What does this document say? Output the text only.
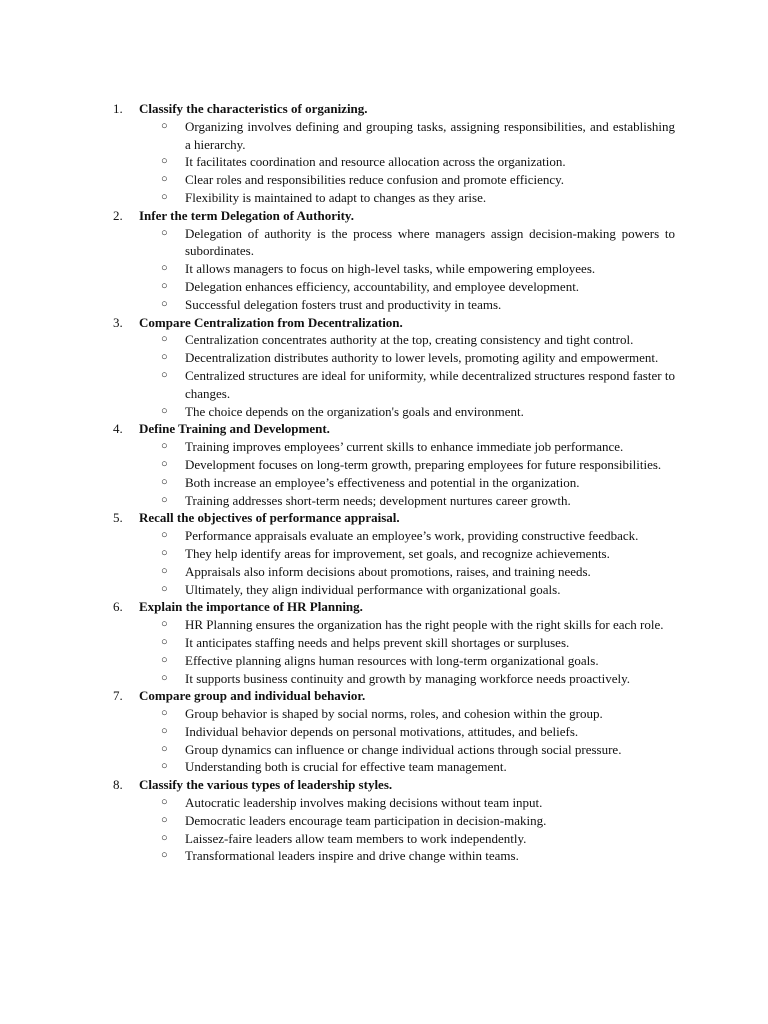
1.	Classify the characteristics of organizing.
○ Organizing involves defining and grouping tasks, assigning responsibilities, and establishing a hierarchy.
○ It facilitates coordination and resource allocation across the organization.
○ Clear roles and responsibilities reduce confusion and promote efficiency.
○ Flexibility is maintained to adapt to changes as they arise.
2.	Infer the term Delegation of Authority.
○ Delegation of authority is the process where managers assign decision-making powers to subordinates.
○ It allows managers to focus on high-level tasks, while empowering employees.
○ Delegation enhances efficiency, accountability, and employee development.
○ Successful delegation fosters trust and productivity in teams.
3.	Compare Centralization from Decentralization.
○ Centralization concentrates authority at the top, creating consistency and tight control.
○ Decentralization distributes authority to lower levels, promoting agility and empowerment.
○ Centralized structures are ideal for uniformity, while decentralized structures respond faster to changes.
○ The choice depends on the organization's goals and environment.
4.	Define Training and Development.
○ Training improves employees’ current skills to enhance immediate job performance.
○ Development focuses on long-term growth, preparing employees for future responsibilities.
○ Both increase an employee’s effectiveness and potential in the organization.
○ Training addresses short-term needs; development nurtures career growth.
5.	Recall the objectives of performance appraisal.
○ Performance appraisals evaluate an employee’s work, providing constructive feedback.
○ They help identify areas for improvement, set goals, and recognize achievements.
○ Appraisals also inform decisions about promotions, raises, and training needs.
○ Ultimately, they align individual performance with organizational goals.
6.	Explain the importance of HR Planning.
○ HR Planning ensures the organization has the right people with the right skills for each role.
○ It anticipates staffing needs and helps prevent skill shortages or surpluses.
○ Effective planning aligns human resources with long-term organizational goals.
○ It supports business continuity and growth by managing workforce needs proactively.
7.	Compare group and individual behavior.
○ Group behavior is shaped by social norms, roles, and cohesion within the group.
○ Individual behavior depends on personal motivations, attitudes, and beliefs.
○ Group dynamics can influence or change individual actions through social pressure.
○ Understanding both is crucial for effective team management.
8.	Classify the various types of leadership styles.
○ Autocratic leadership involves making decisions without team input.
○ Democratic leaders encourage team participation in decision-making.
○ Laissez-faire leaders allow team members to work independently.
○ Transformational leaders inspire and drive change within teams.
